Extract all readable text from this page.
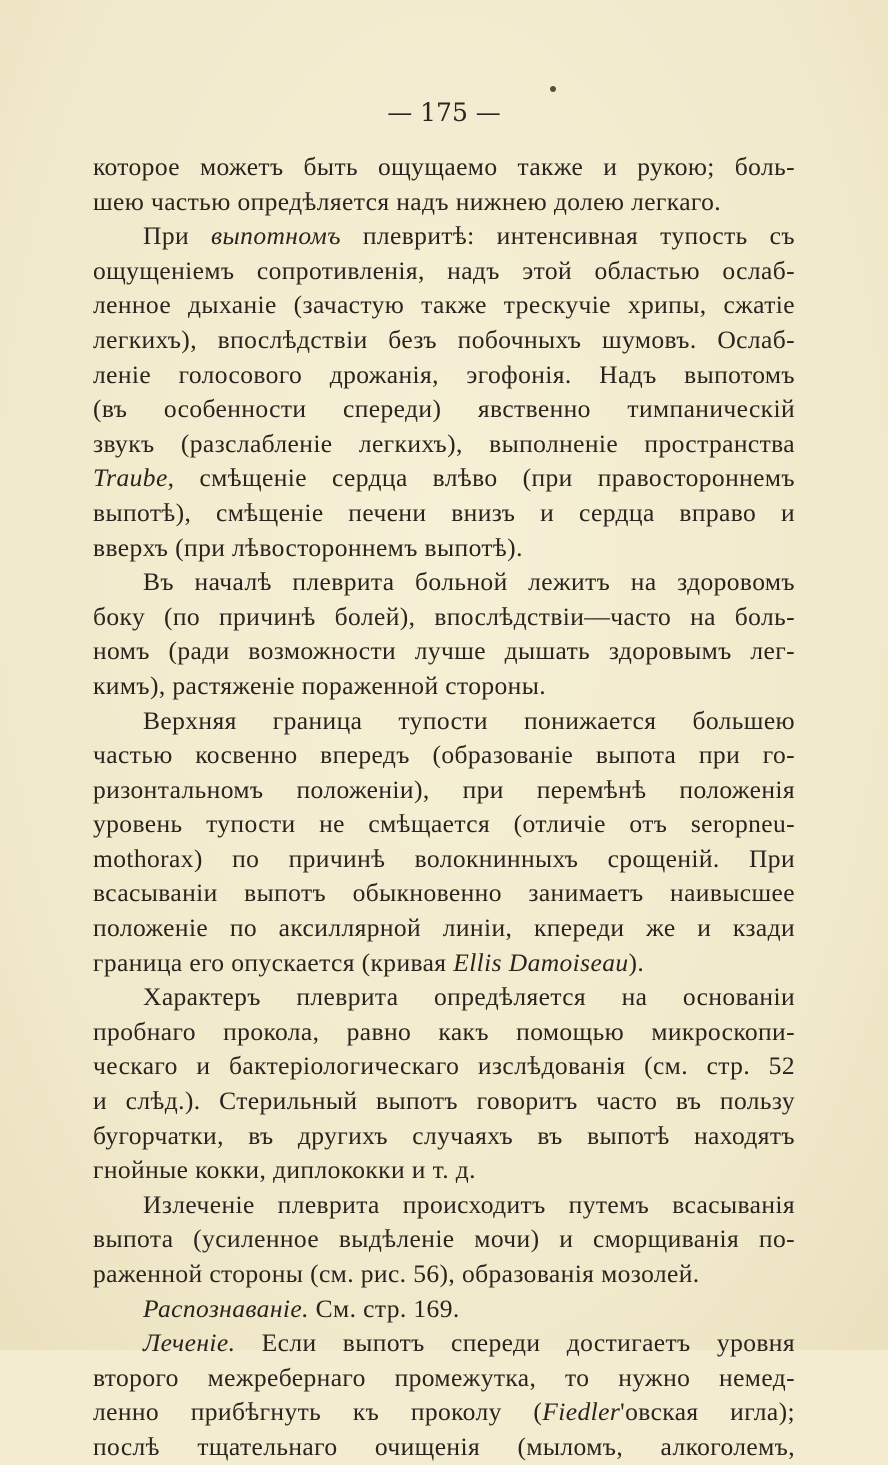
— 175 —
которое можетъ быть ощущаемо также и рукою; боль-
шею частью опредѣляется надъ нижнею долею легкаго.
При выпотномъ плевритѣ: интенсивная тупость съ
ощущеніемъ сопротивленія, надъ этой областью ослаб-
ленное дыханіе (зачастую также трескучіе хрипы, сжатіе
легкихъ), впослѣдствіи безъ побочныхъ шумовъ. Ослаб-
леніе голосового дрожанія, эгофонія. Надъ выпотомъ
(въ особенности спереди) явственно тимпаническій
звукъ (разслабленіе легкихъ), выполненіе пространства
Traube, смѣщеніе сердца влѣво (при правостороннемъ
выпотѣ), смѣщеніе печени внизъ и сердца вправо и
вверхъ (при лѣвостороннемъ выпотѣ).
Въ началѣ плеврита больной лежитъ на здоровомъ
боку (по причинѣ болей), впослѣдствіи—часто на боль-
номъ (ради возможности лучше дышать здоровымъ лег-
кимъ), растяженіе пораженной стороны.
Верхняя граница тупости понижается большею
частью косвенно впередъ (образованіе выпота при го-
ризонтальномъ положеніи), при перемѣнѣ положенія
уровень тупости не смѣщается (отличіе отъ seropneu-
mothorax) по причинѣ волокнинныхъ срощеній. При
всасываніи выпотъ обыкновенно занимаетъ наивысшее
положеніе по аксиллярной линіи, кпереди же и кзади
граница его опускается (кривая Ellis Damoiseau).
Характеръ плеврита опредѣляется на основаніи
пробнаго прокола, равно какъ помощью микроскопи-
ческаго и бактеріологическаго изслѣдованія (см. стр. 52
и слѣд.). Стерильный выпотъ говоритъ часто въ пользу
бугорчатки, въ другихъ случаяхъ въ выпотѣ находятъ
гнойные кокки, диплококки и т. д.
Излеченіе плеврита происходитъ путемъ всасыванія
выпота (усиленное выдѣленіе мочи) и сморщиванія по-
раженной стороны (см. рис. 56), образованія мозолей.
Распознаваніе. См. стр. 169.
Леченіе. Если выпотъ спереди достигаетъ уровня
второго межребернаго промежутка, то нужно немед-
ленно прибѣгнуть къ проколу (Fiedler'овская игла);
послѣ тщательнаго очищенія (мыломъ, алкоголемъ,
